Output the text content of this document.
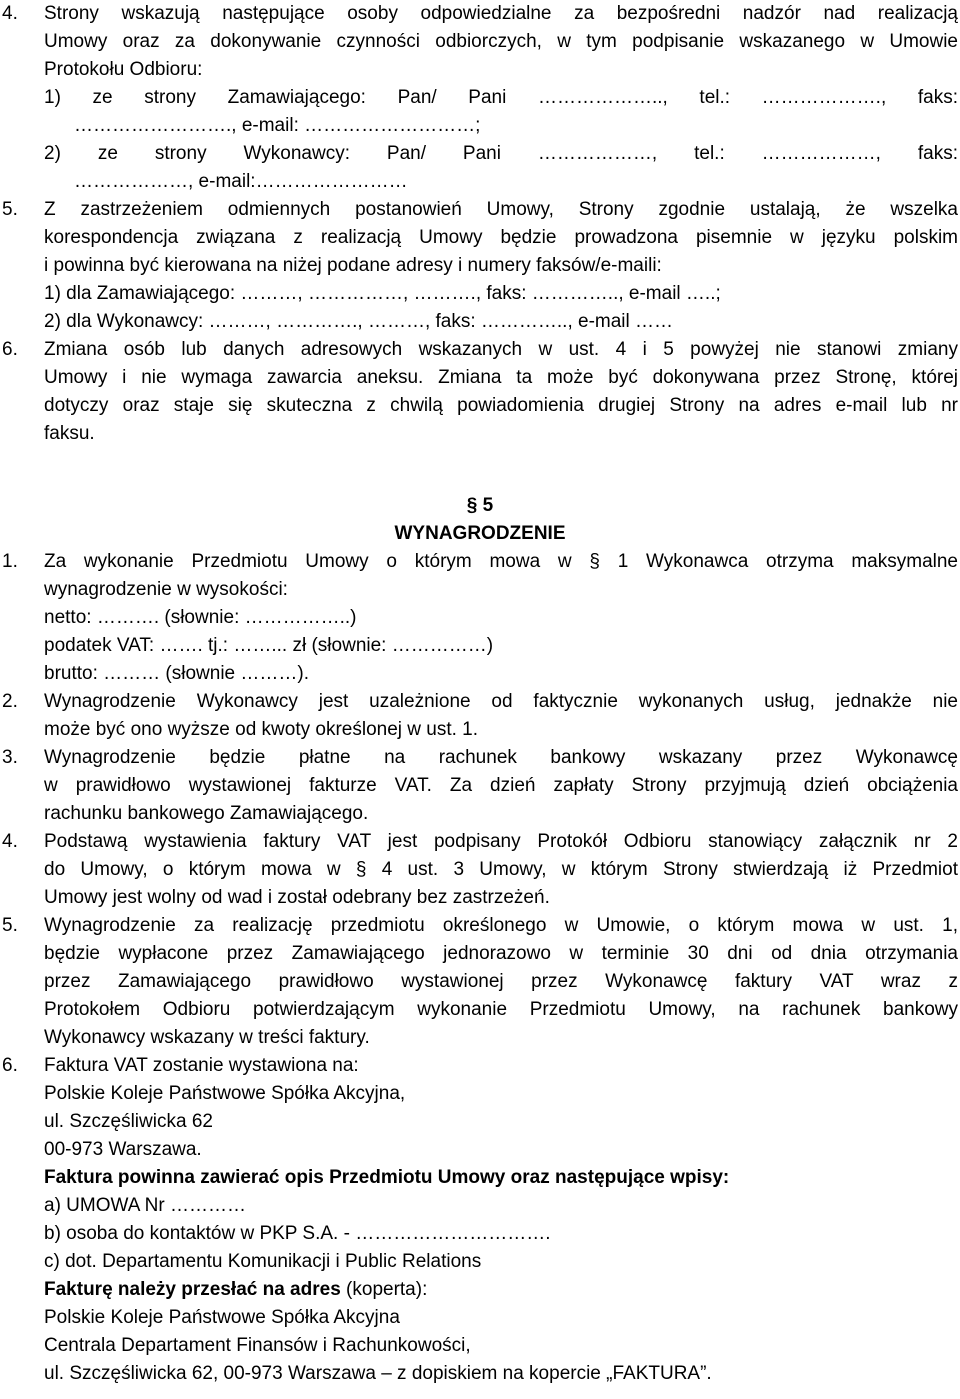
4. Strony wskazują następujące osoby odpowiedzialne za bezpośredni nadzór nad realizacją
Umowy oraz za dokonywanie czynności odbiorczych, w tym podpisanie wskazanego w Umowie
Protokołu Odbioru:
1) ze strony Zamawiającego: Pan/ Pani ……………….., tel.: ………………., faks:
……………………., e-mail: ………………………;
2) ze strony Wykonawcy: Pan/ Pani ………………, tel.: ………………, faks:
………………, e-mail:……………………
5. Z zastrzeżeniem odmiennych postanowień Umowy, Strony zgodnie ustalają, że wszelka
korespondencja związana z realizacją Umowy będzie prowadzona pisemnie w języku polskim
i powinna być kierowana na niżej podane adresy i numery faksów/e-maili:
1) dla Zamawiającego: ………, ……………, ………., faks: ………….., e-mail …..;
2) dla Wykonawcy: ………, …………., ………, faks: ………….., e-mail ……
6. Zmiana osób lub danych adresowych wskazanych w ust. 4 i 5 powyżej nie stanowi zmiany
Umowy i nie wymaga zawarcia aneksu. Zmiana ta może być dokonywana przez Stronę, której
dotyczy oraz staje się skuteczna z chwilą powiadomienia drugiej Strony na adres e-mail lub nr
faksu.
§ 5
WYNAGRODZENIE
1. Za wykonanie Przedmiotu Umowy o którym mowa w § 1 Wykonawca otrzyma maksymalne
wynagrodzenie w wysokości:
netto: ………. (słownie: ……………..)
podatek VAT: ……. tj.: ……... zł (słownie: ……………)
brutto: ……… (słownie ………).
2. Wynagrodzenie Wykonawcy jest uzależnione od faktycznie wykonanych usług, jednakże nie
może być ono wyższe od kwoty określonej w ust. 1.
3. Wynagrodzenie będzie płatne na rachunek bankowy wskazany przez Wykonawcę
w prawidłowo wystawionej fakturze VAT. Za dzień zapłaty Strony przyjmują dzień obciążenia
rachunku bankowego Zamawiającego.
4. Podstawą wystawienia faktury VAT jest podpisany Protokół Odbioru stanowiący załącznik nr 2
do Umowy, o którym mowa w § 4 ust. 3 Umowy, w którym Strony stwierdzają iż Przedmiot
Umowy jest wolny od wad i został odebrany bez zastrzeżeń.
5. Wynagrodzenie za realizację przedmiotu określonego w Umowie, o którym mowa w ust. 1,
będzie wypłacone przez Zamawiającego jednorazowo w terminie 30 dni od dnia otrzymania
przez Zamawiającego prawidłowo wystawionej przez Wykonawcę faktury VAT wraz z
Protokołem Odbioru potwierdzającym wykonanie Przedmiotu Umowy, na rachunek bankowy
Wykonawcy wskazany w treści faktury.
6. Faktura VAT zostanie wystawiona na:
Polskie Koleje Państwowe Spółka Akcyjna,
ul. Szczęśliwicka 62
00-973 Warszawa.
Faktura powinna zawierać opis Przedmiotu Umowy oraz następujące wpisy:
a) UMOWA Nr …………
b) osoba do kontaktów w PKP S.A. - ………………………….
c) dot. Departamentu Komunikacji i Public Relations
Fakturę należy przesłać na adres (koperta):
Polskie Koleje Państwowe Spółka Akcyjna
Centrala Departament Finansów i Rachunkowości,
ul. Szczęśliwicka 62, 00-973 Warszawa – z dopiskiem na kopercie „FAKTURA”.
